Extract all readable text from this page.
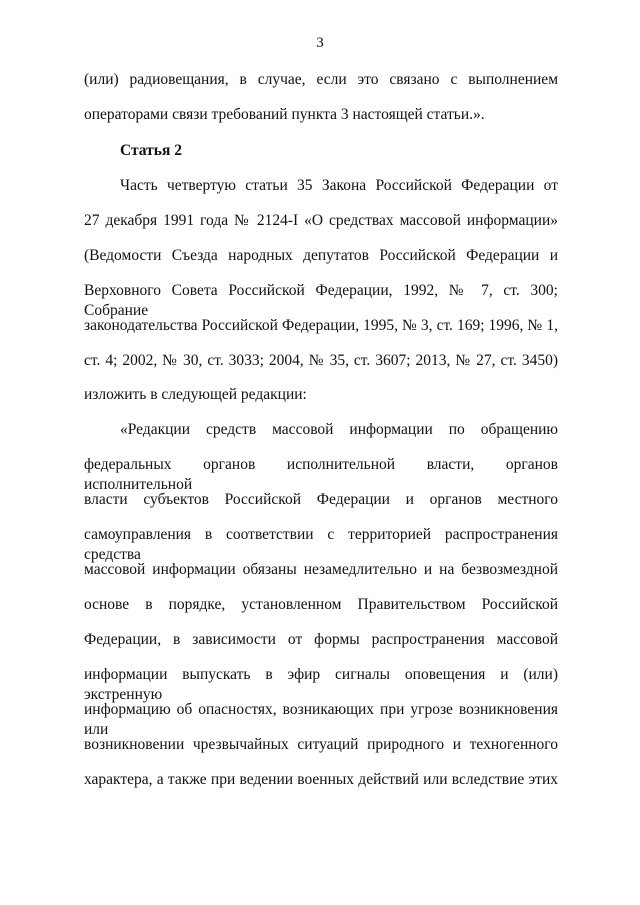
3
(или) радиовещания, в случае, если это связано с выполнением
операторами связи требований пункта 3 настоящей статьи.».
Статья 2
Часть четвертую статьи 35 Закона Российской Федерации от
27 декабря 1991 года № 2124-I «О средствах массовой информации»
(Ведомости Съезда народных депутатов Российской Федерации и
Верховного Совета Российской Федерации, 1992, № 7, ст. 300; Собрание
законодательства Российской Федерации, 1995, № 3, ст. 169; 1996, № 1,
ст. 4; 2002, № 30, ст. 3033; 2004, № 35, ст. 3607; 2013, № 27, ст. 3450)
изложить в следующей редакции:
«Редакции средств массовой информации по обращению
федеральных органов исполнительной власти, органов исполнительной
власти субъектов Российской Федерации и органов местного
самоуправления в соответствии с территорией распространения средства
массовой информации обязаны незамедлительно и на безвозмездной
основе в порядке, установленном Правительством Российской
Федерации, в зависимости от формы распространения массовой
информации выпускать в эфир сигналы оповещения и (или) экстренную
информацию об опасностях, возникающих при угрозе возникновения или
возникновении чрезвычайных ситуаций природного и техногенного
характера, а также при ведении военных действий или вследствие этих
